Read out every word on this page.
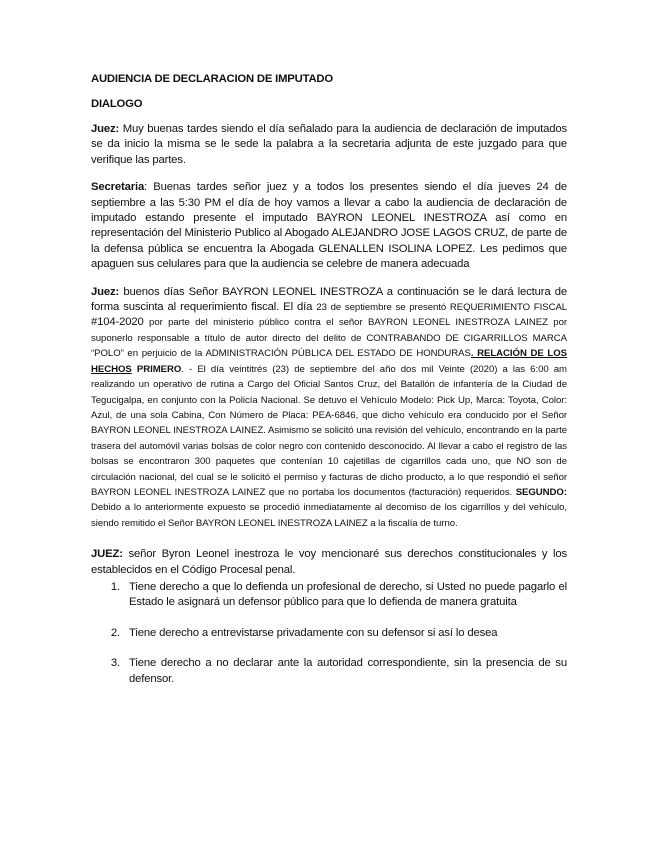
AUDIENCIA DE DECLARACION DE IMPUTADO

DIALOGO

Juez: Muy buenas tardes siendo el día señalado para la audiencia de declaración de imputados se da inicio la misma se le sede la palabra a la secretaria adjunta de este juzgado para que verifique las partes.

Secretaria: Buenas tardes señor juez y a todos los presentes siendo el día jueves 24 de septiembre a las 5:30 PM el día de hoy vamos a llevar a cabo la audiencia de declaración de imputado estando presente el imputado BAYRON LEONEL INESTROZA así como en representación del Ministerio Publico al Abogado ALEJANDRO JOSE LAGOS CRUZ, de parte de la defensa pública se encuentra la Abogada GLENALLEN ISOLINA LOPEZ. Les pedimos que apaguen sus celulares para que la audiencia se celebre de manera adecuada

Juez: buenos días Señor BAYRON LEONEL INESTROZA a continuación se le dará lectura de forma suscinta al requerimiento fiscal. El día 23 de septiembre se presentó REQUERIMIENTO FISCAL #104-2020 por parte del ministerio público contra el señor BAYRON LEONEL INESTROZA LAINEZ por suponerlo responsable a título de autor directo del delito de CONTRABANDO DE CIGARRILLOS MARCA “POLO” en perjuicio de la ADMINISTRACIÓN PÚBLICA DEL ESTADO DE HONDURAS. RELACIÓN DE LOS HECHOS PRIMERO. - El día veintitrés (23) de septiembre del año dos mil Veinte (2020) a las 6:00 am realizando un operativo de rutina a Cargo del Oficial Santos Cruz, del Batallón de infantería de la Ciudad de Tegucigalpa, en conjunto con la Policía Nacional. Se detuvo el Vehículo Modelo: Pick Up, Marca: Toyota, Color: Azul, de una sola Cabina, Con Número de Placa: PEA-6846, que dicho vehículo era conducido por el Señor BAYRON LEONEL INESTROZA LAINEZ. Asimismo se solicitó una revisión del vehículo, encontrando en la parte trasera del automóvil varias bolsas de color negro con contenido desconocido. Al llevar a cabo el registro de las bolsas se encontraron 300 paquetes que contenían 10 cajetillas de cigarrillos cada uno, que NO son de circulación nacional, del cual se le solicitó el permiso y facturas de dicho producto, a lo que respondió el señor BAYRON LEONEL INESTROZA LAINEZ que no portaba los documentos (facturación) requeridos. SEGUNDO: Debido a lo anteriormente expuesto se procedió inmediatamente al decomiso de los cigarrillos y del vehículo, siendo remitido el Señor BAYRON LEONEL INESTROZA LAINEZ a la fiscalía de turno.

JUEZ: señor Byron Leonel inestroza le voy mencionaré sus derechos constitucionales y los establecidos en el Código Procesal penal.

1. Tiene derecho a que lo defienda un profesional de derecho, si Usted no puede pagarlo el Estado le asignará un defensor público para que lo defienda de manera gratuita
2. Tiene derecho a entrevistarse privadamente con su defensor si así lo desea
3. Tiene derecho a no declarar ante la autoridad correspondiente, sin la presencia de su defensor.
